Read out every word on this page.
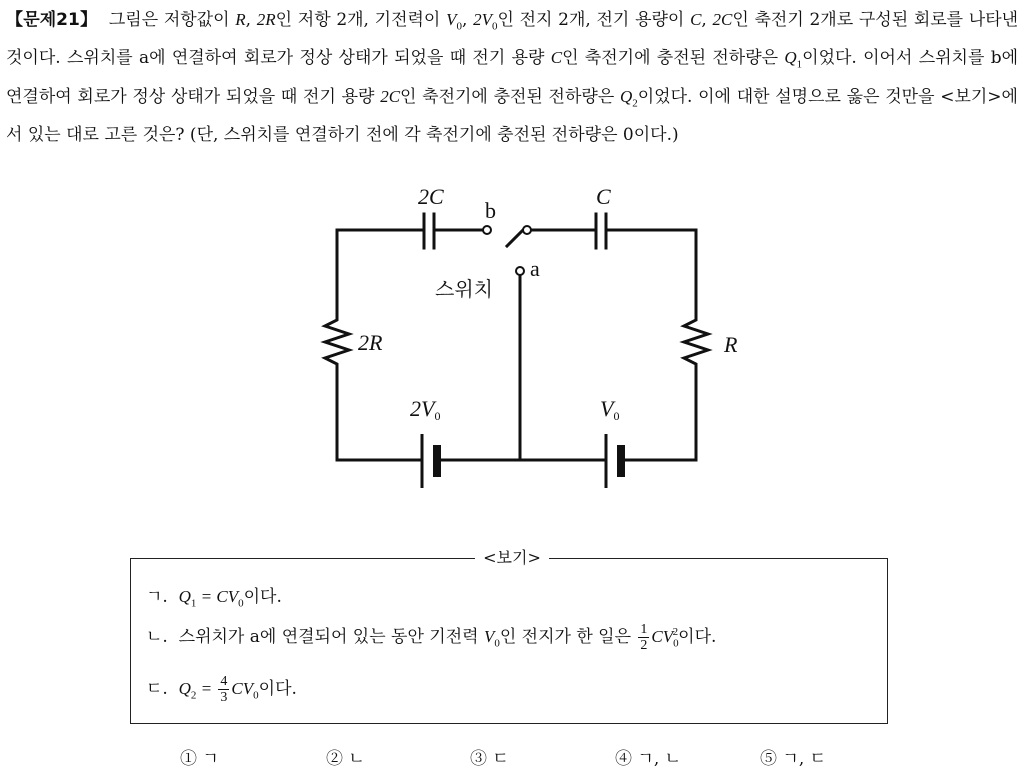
【문제21】 그림은 저항값이 R, 2R인 저항 2개, 기전력이 $V_0$, $2V_0$인 전지 2개, 전기 용량이 C, 2C인 축전기 2개로 구성된 회로를 나타낸 것이다. 스위치를 a에 연결하여 회로가 정상 상태가 되었을 때 전기 용량 C인 축전기에 충전된 전하량은 $Q_1$이었다. 이어서 스위치를 b에 연결하여 회로가 정상 상태가 되었을 때 전기 용량 2C인 축전기에 충전된 전하량은 $Q_2$이었다. 이에 대한 설명으로 옳은 것만을 <보기>에서 있는 대로 고른 것은? (단, 스위치를 연결하기 전에 각 축전기에 충전된 전하량은 0이다.)
2C	C
b
a
2R	R
2V0	V0
스위치
<보기>
ㄱ. $Q_1 = CV_0$이다.
ㄴ. 스위치가 a에 연결되어 있는 동안 기전력 $V_0$인 전지가 한 일은 $\frac{1}{2} CV_0^2$이다.
ㄷ. $Q_2 = \frac{4}{3} CV_0$이다.
① ㄱ	② ㄴ	③ ㄷ	④ ㄱ, ㄴ	⑤ ㄱ, ㄷ
